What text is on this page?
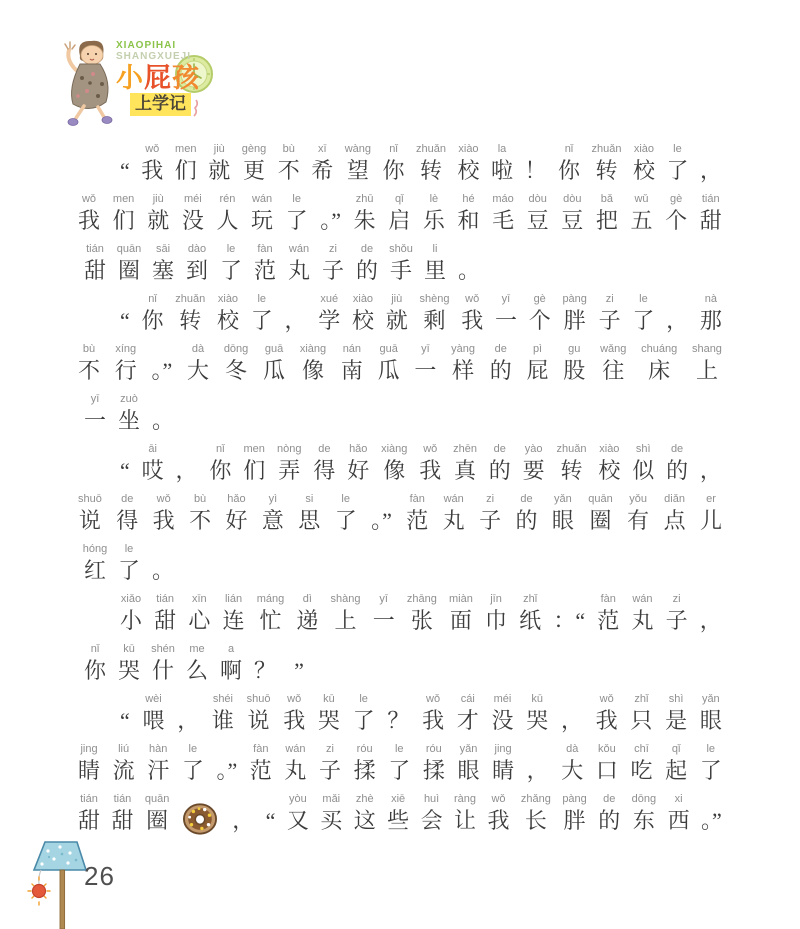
XIAOPIHAI
SHANGXUEJI
小屁孩
上学记
“
wǒ
我
men
们
jiù
就
gèng
更
bù
不
xī
希
wàng
望
nǐ
你
zhuǎn
转
xiào
校
la
啦 ！
nǐ
你
zhuǎn
转
xiào
校
le
了 ，
wǒ
我
men
们
jiù
就
méi
没
rén
人
wán
玩
le
了 。”
zhū
朱
qǐ
启
lè
乐
hé
和
máo
毛
dòu
豆
dòu
豆
bǎ
把
wǔ
五
gè
个
tián
甜
tián
甜
quān
圈
sāi
塞
dào
到
le
了
fàn
范
wán
丸
zi
子
de
的
shǒu
手
li
里 。
“
nǐ
你
zhuǎn
转
xiào
校
le
了 ，
xué
学
xiào
校
jiù
就
shèng
剩
wǒ
我
yī
一
gè
个
pàng
胖
zi
子
le
了 ，
nà
那
bù
不
xíng
行 。”
dà
大
dōng
冬
guā
瓜
xiàng
像
nán
南
guā
瓜
yī
一
yàng
样
de
的
pì
屁
gu
股
wǎng
往
chuáng
床
shang
上
yī
一
zuò
坐 。
“
āi
哎 ，
nǐ
你
men
们
nòng
弄
de
得
hǎo
好
xiàng
像
wǒ
我
zhēn
真
de
的
yào
要
zhuǎn
转
xiào
校
shì
似
de
的 ，
shuō
说
de
得
wǒ
我
bù
不
hǎo
好
yì
意
si
思
le
了 。”
fàn
范
wán
丸
zi
子
de
的
yǎn
眼
quān
圈
yǒu
有
diǎn
点
er
儿
hóng
红
le
了 。
xiǎo
小
tián
甜
xīn
心
lián
连
máng
忙
dì
递
shàng
上
yī
一
zhāng
张
miàn
面
jīn
巾
zhǐ
纸 ：“
fàn
范
wán
丸
zi
子 ，
nǐ
你
kū
哭
shén
什
me
么
a
啊 ？ ”
“
wèi
喂 ，
shéi
谁
shuō
说
wǒ
我
kū
哭
le
了 ？
wǒ
我
cái
才
méi
没
kū
哭 ，
wǒ
我
zhǐ
只
shì
是
yǎn
眼
jing
睛
liú
流
hàn
汗
le
了 。”
fàn
范
wán
丸
zi
子
róu
揉
le
了
róu
揉
yǎn
眼
jing
睛 ，
dà
大
kǒu
口
chī
吃
qǐ
起
le
了
tián
甜
tián
甜
quān
圈	， “
yòu
又
mǎi
买
zhè
这
xiē
些
huì
会
ràng
让
wǒ
我
zhǎng
长
pàng
胖
de
的
dōng
东
xi
西 。”
26
